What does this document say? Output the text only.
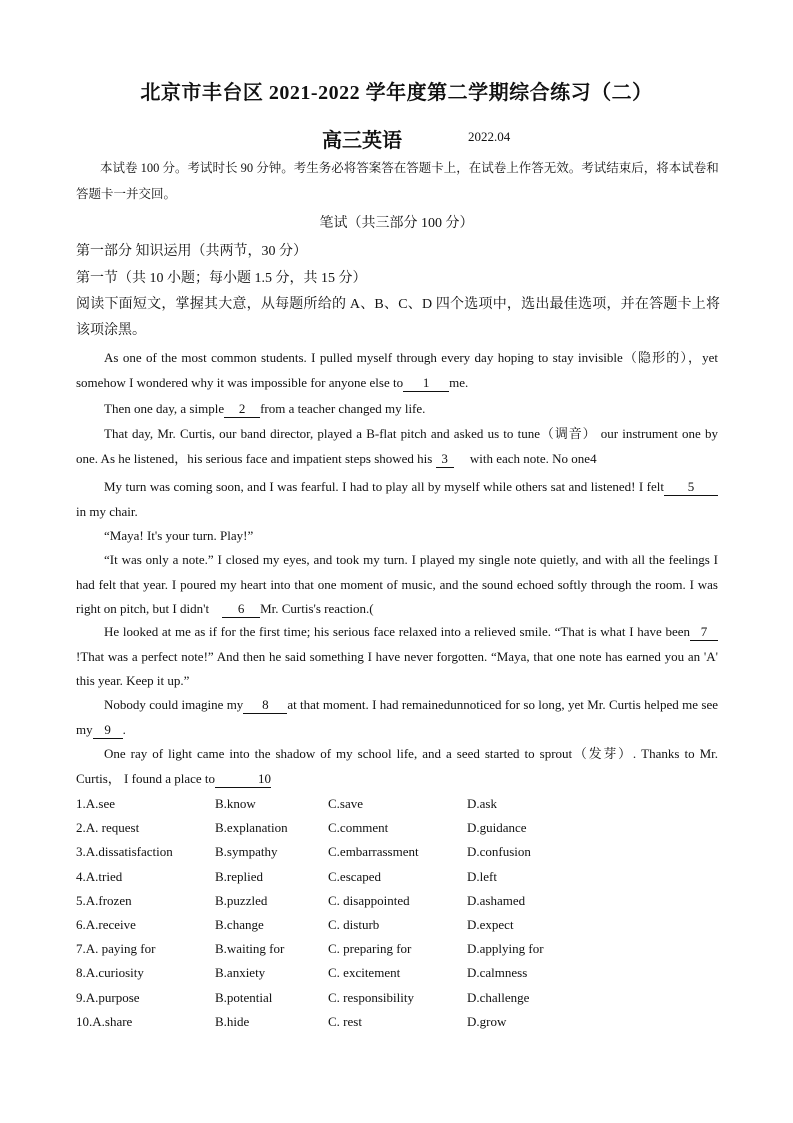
北京市丰台区 2021-2022 学年度第二学期综合练习（二）
高三英语	2022.04
本试卷 100 分。考试时长 90 分钟。考生务必将答案答在答题卡上，在试卷上作答无效。考试结束后，将本试卷和答题卡一并交回。
笔试（共三部分 100 分）
第一部分 知识运用（共两节，30 分）
第一节（共 10 小题；每小题 1.5 分，共 15 分）
阅读下面短文，掌握其大意，从每题所给的 A、B、C、D 四个选项中，选出最佳选项，并在答题卡上将该项涂黑。
As one of the most common students. I pulled myself through every day hoping to stay invisible（隐形的），yet somehow I wondered why it was impossible for anyone else to 1 me.
Then one day, a simple 2 from a teacher changed my life.
That day, Mr. Curtis, our band director, played a B-flat pitch and asked us to tune（调音） our instrument one by one. As he listened，his serious face and impatient steps showed his 3 with each note. No one4
My turn was coming soon, and I was fearful. I had to play all by myself while others sat and listened! I felt 5in my chair.
“Maya! It's your turn. Play!”
“It was only a note.” I closed my eyes, and took my turn. I played my single note quietly, and with all the feelings I had felt that year. I poured my heart into that one moment of music, and the sound echoed softly through the room. I was right on pitch, but I didn't 6 Mr. Curtis's reaction.(
He looked at me as if for the first time; his serious face relaxed into a relieved smile. “That is what I have been 7!That was a perfect note!” And then he said something I have never forgotten. “Maya, that one note has earned you an 'A' this year. Keep it up.”
Nobody could imagine my 8 at that moment. I had remainedunnoticed for so long, yet Mr. Curtis helped me see my 9 .
One ray of light came into the shadow of my school life, and a seed started to sprout（发芽）. Thanks to Mr. Curtis， I found a place to	10
1.A.see	B.know	C.save	D.ask
2.A. request	B.explanation	C.comment	D.guidance
3.A.dissatisfaction	B.sympathy	C.embarrassment	D.confusion
4.A.tried	B.replied	C.escaped	D.left
5.A.frozen	B.puzzled	C. disappointed	D.ashamed
6.A.receive	B.change	C. disturb	D.expect
7.A. paying for	B.waiting for	C. preparing for	D.applying for
8.A.curiosity	B.anxiety	C. excitement	D.calmness
9.A.purpose	B.potential	C. responsibility	D.challenge
10.A.share	B.hide	C. rest	D.grow
